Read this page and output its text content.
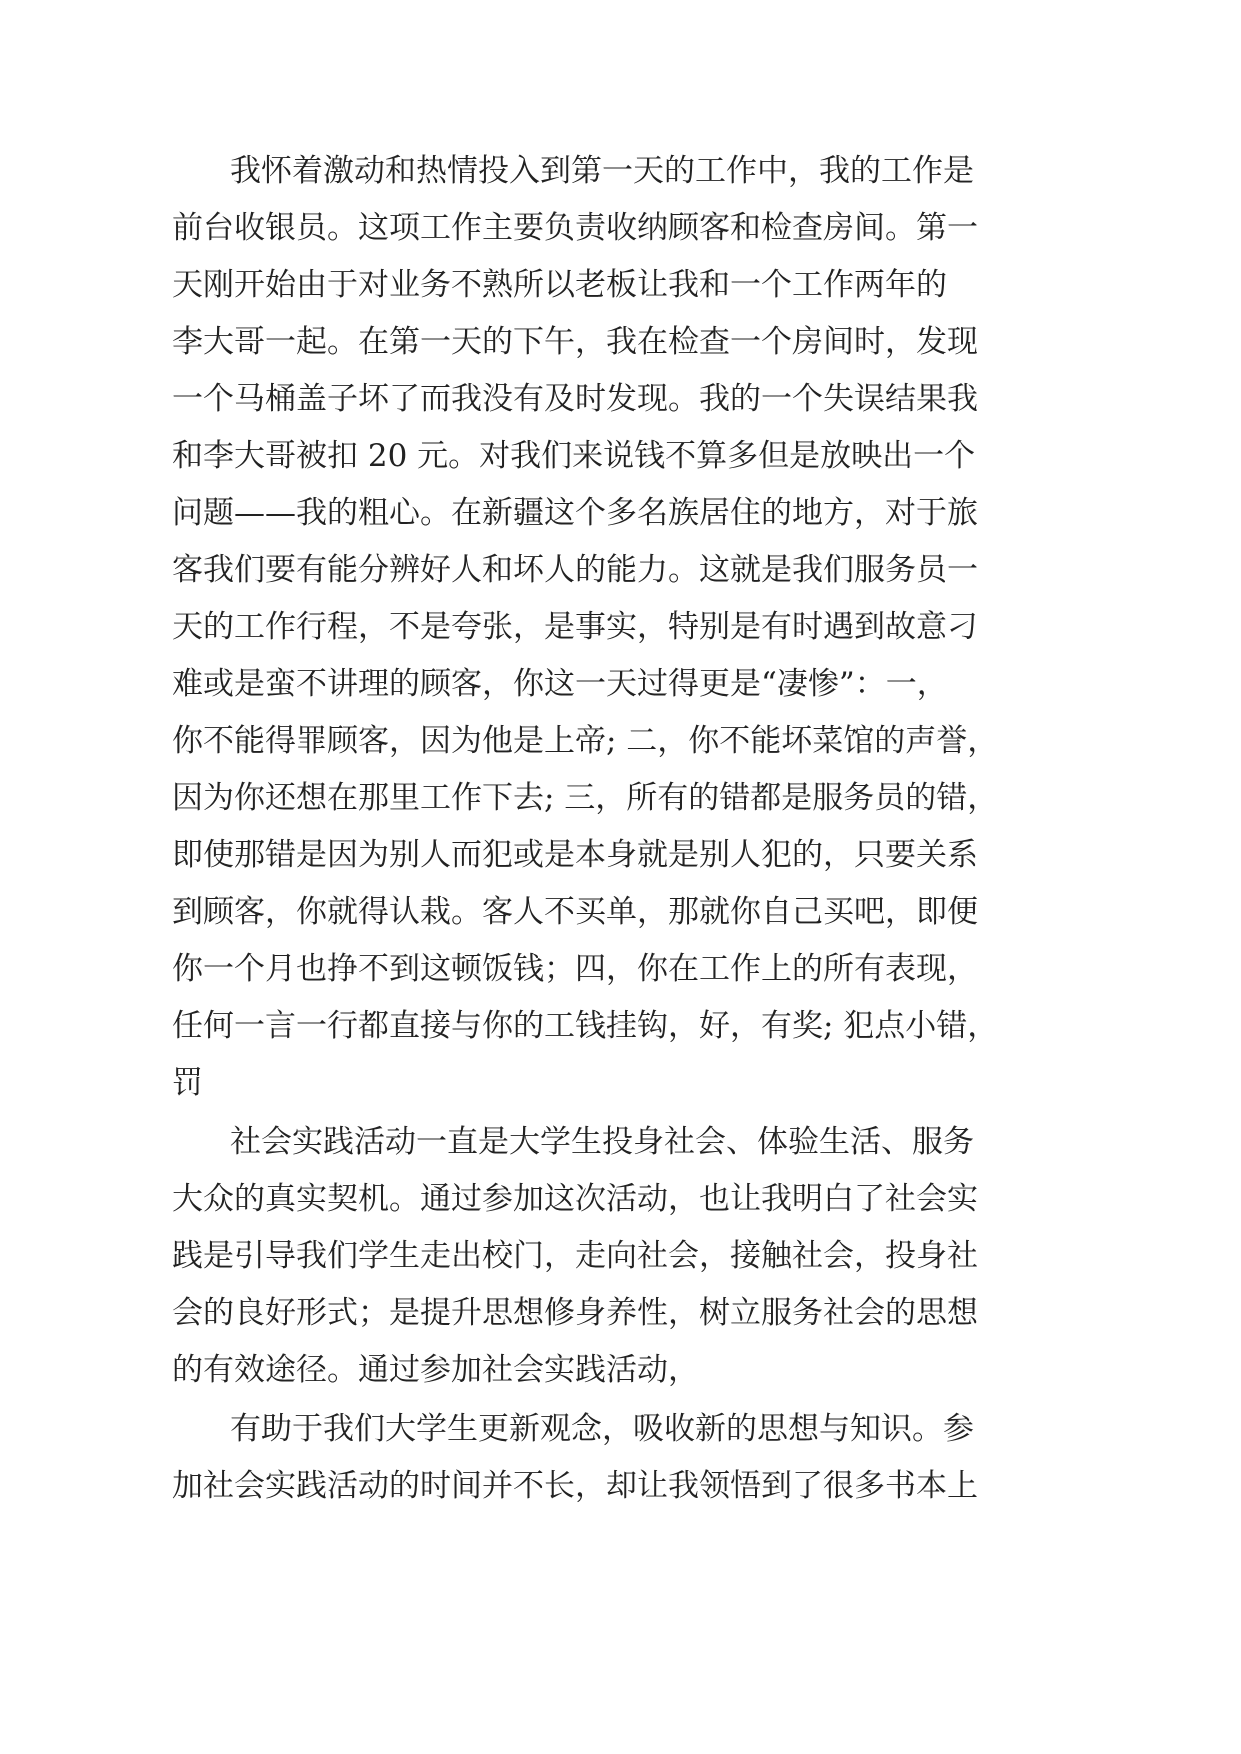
我怀着激动和热情投入到第一天的工作中，我的工作是
前台收银员。这项工作主要负责收纳顾客和检查房间。第一
天刚开始由于对业务不熟所以老板让我和一个工作两年的
李大哥一起。在第一天的下午，我在检查一个房间时，发现
一个马桶盖子坏了而我没有及时发现。我的一个失误结果我
和李大哥被扣 20 元。对我们来说钱不算多但是放映出一个
问题——我的粗心。在新疆这个多名族居住的地方，对于旅
客我们要有能分辨好人和坏人的能力。这就是我们服务员一
天的工作行程，不是夸张，是事实，特别是有时遇到故意刁
难或是蛮不讲理的顾客，你这一天过得更是“凄惨”：一，
你不能得罪顾客，因为他是上帝; 二，你不能坏菜馆的声誉，
因为你还想在那里工作下去; 三，所有的错都是服务员的错，
即使那错是因为别人而犯或是本身就是别人犯的，只要关系
到顾客，你就得认栽。客人不买单，那就你自己买吧，即便
你一个月也挣不到这顿饭钱；四，你在工作上的所有表现，
任何一言一行都直接与你的工钱挂钩，好，有奖; 犯点小错，
罚
社会实践活动一直是大学生投身社会、体验生活、服务
大众的真实契机。通过参加这次活动，也让我明白了社会实
践是引导我们学生走出校门，走向社会，接触社会，投身社
会的良好形式；是提升思想修身养性，树立服务社会的思想
的有效途径。通过参加社会实践活动，
有助于我们大学生更新观念，吸收新的思想与知识。参
加社会实践活动的时间并不长，却让我领悟到了很多书本上
